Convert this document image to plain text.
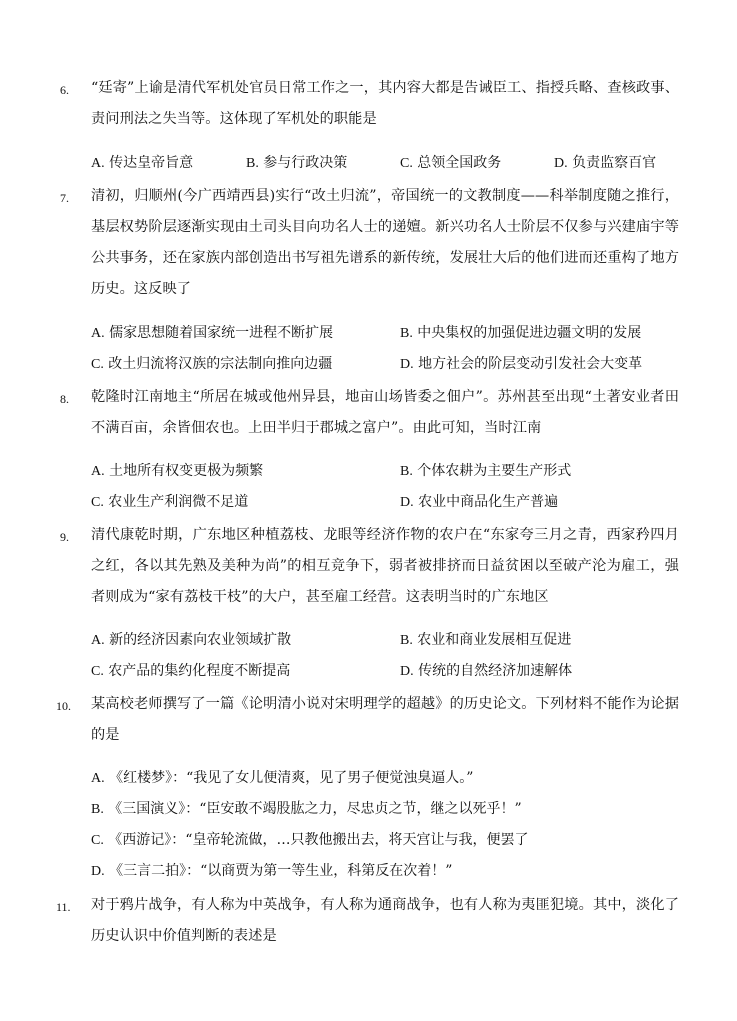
6.	“廷寄”上谕是清代军机处官员日常工作之一，其内容大都是告诫臣工、指授兵略、查核政事、责问刑法之失当等。这体现了军机处的职能是
A. 传达皇帝旨意	B. 参与行政决策	C. 总领全国政务	D. 负责监察百官
7.	清初，归顺州(今广西靖西县)实行“改土归流”，帝国统一的文教制度——科举制度随之推行，基层权势阶层逐渐实现由土司头目向功名人士的递嬗。新兴功名人士阶层不仅参与兴建庙宇等公共事务，还在家族内部创造出书写祖先谱系的新传统，发展壮大后的他们进而还重构了地方历史。这反映了
A. 儒家思想随着国家统一进程不断扩展	B. 中央集权的加强促进边疆文明的发展
C. 改土归流将汉族的宗法制向推向边疆	D. 地方社会的阶层变动引发社会大变革
8.	乾隆时江南地主“所居在城或他州异县，地亩山场皆委之佃户”。苏州甚至出现“土著安业者田不满百亩，余皆佃农也。上田半归于郡城之富户”。由此可知，当时江南
A. 土地所有权变更极为频繁	B. 个体农耕为主要生产形式
C. 农业生产利润微不足道	D. 农业中商品化生产普遍
9.	清代康乾时期，广东地区种植荔枝、龙眼等经济作物的农户在“东家夸三月之青，西家矜四月之红，各以其先熟及美种为尚”的相互竞争下，弱者被排挤而日益贫困以至破产沦为雇工，强者则成为“家有荔枝干枝”的大户，甚至雇工经营。这表明当时的广东地区
A. 新的经济因素向农业领域扩散	B. 农业和商业发展相互促进
C. 农产品的集约化程度不断提高	D. 传统的自然经济加速解体
10.	某高校老师撰写了一篇《论明清小说对宋明理学的超越》的历史论文。下列材料不能作为论据的是
A. 《红楼梦》：“我见了女儿便清爽，见了男子便觉浊臭逼人。”
B. 《三国演义》：“臣安敢不竭股肱之力，尽忠贞之节，继之以死乎！”
C. 《西游记》：“皇帝轮流做，…只教他搬出去，将天宫让与我，便罢了
D. 《三言二拍》：“以商贾为第一等生业，科第反在次着！”
11.	对于鸦片战争，有人称为中英战争，有人称为通商战争，也有人称为夷匪犯境。其中，淡化了历史认识中价值判断的表述是
